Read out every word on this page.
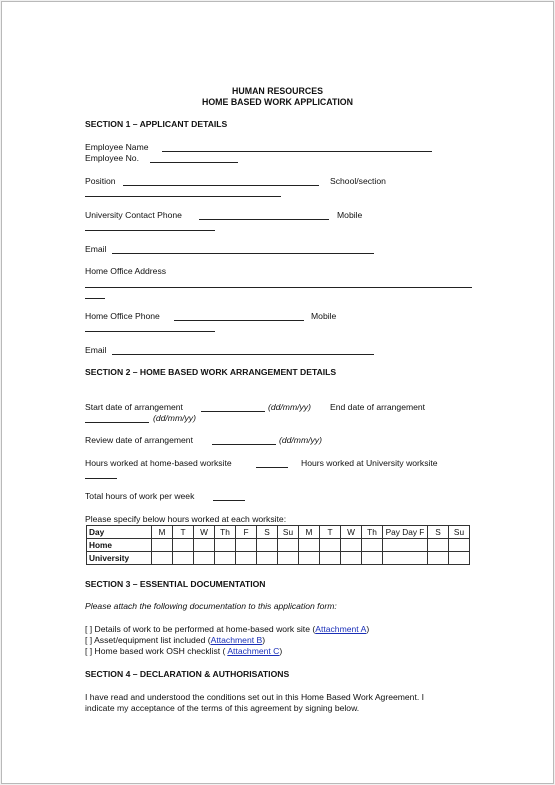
HUMAN RESOURCES
HOME BASED WORK APPLICATION
SECTION 1 – APPLICANT DETAILS
Employee Name
Employee No.
Position	School/section
University Contact Phone	Mobile
Email
Home Office Address
Home Office Phone	Mobile
Email
SECTION 2 – HOME BASED WORK ARRANGEMENT DETAILS
Start date of arrangement	(dd/mm/yy) End date of arrangement
(dd/mm/yy)
Review date of arrangement	(dd/mm/yy)
Hours worked at home-based worksite	Hours worked at University worksite
Total hours of work per week
Please specify below hours worked at each worksite:
Day	M	T	W	Th	F	S	Su	M	T	W	Th	Pay Day F	S	Su
Home														
University														
SECTION 3 – ESSENTIAL DOCUMENTATION
Please attach the following documentation to this application form:
[ ] Details of work to be performed at home-based work site (Attachment A)
[ ] Asset/equipment list included (Attachment B)
[ ] Home based work OSH checklist ( Attachment C)
SECTION 4 – DECLARATION & AUTHORISATIONS
I have read and understood the conditions set out in this Home Based Work Agreement. I
indicate my acceptance of the terms of this agreement by signing below.
